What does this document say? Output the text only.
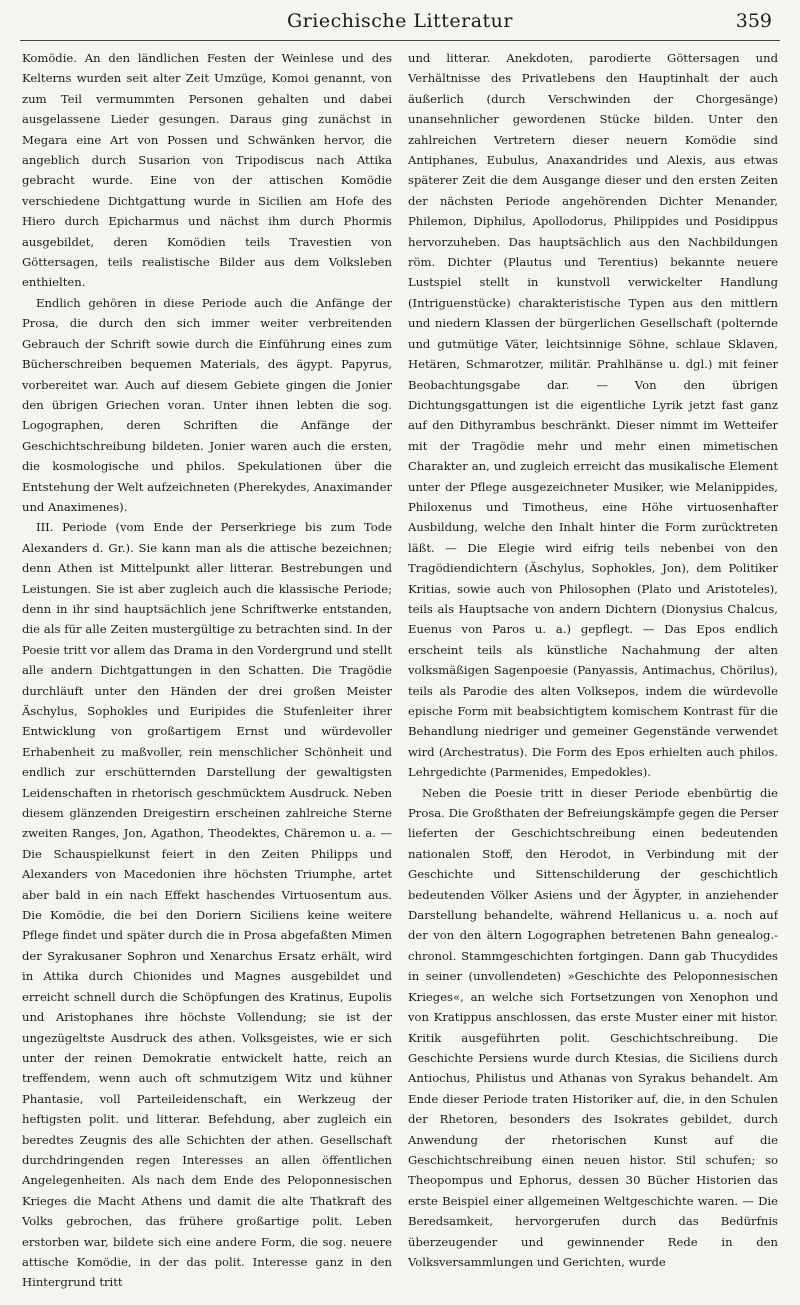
Griechische Litteratur	359

Komödie. An den ländlichen Festen der Weinlese und des Kelterns wurden seit alter Zeit Umzüge, Komoi genannt, von zum Teil vermummten Personen gehalten und dabei ausgelassene Lieder gesungen. Daraus ging zunächst in Megara eine Art von Possen und Schwänken hervor, die angeblich durch Susarion von Tripodiscus nach Attika gebracht wurde. Eine von der attischen Komödie verschiedene Dichtgattung wurde in Sicilien am Hofe des Hiero durch Epicharmus und nächst ihm durch Phormis ausgebildet, deren Komödien teils Travestien von Göttersagen, teils realistische Bilder aus dem Volksleben enthielten.

Endlich gehören in diese Periode auch die Anfänge der Prosa, die durch den sich immer weiter verbreitenden Gebrauch der Schrift sowie durch die Einführung eines zum Bücherschreiben bequemen Materials, des ägypt. Papyrus, vorbereitet war. Auch auf diesem Gebiete gingen die Jonier den übrigen Griechen voran. Unter ihnen lebten die sog. Logographen, deren Schriften die Anfänge der Geschichtschreibung bildeten. Jonier waren auch die ersten, die kosmologische und philos. Spekulationen über die Entstehung der Welt aufzeichneten (Pherekydes, Anaximander und Anaximenes).

III. Periode (vom Ende der Perserkriege bis zum Tode Alexanders d. Gr.). Sie kann man als die attische bezeichnen; denn Athen ist Mittelpunkt aller litterar. Bestrebungen und Leistungen. Sie ist aber zugleich auch die klassische Periode; denn in ihr sind hauptsächlich jene Schriftwerke entstanden, die als für alle Zeiten mustergültige zu betrachten sind. In der Poesie tritt vor allem das Drama in den Vordergrund und stellt alle andern Dichtgattungen in den Schatten. Die Tragödie durchläuft unter den Händen der drei großen Meister Äschylus, Sophokles und Euripides die Stufenleiter ihrer Entwicklung von großartigem Ernst und würdevoller Erhabenheit zu maßvoller, rein menschlicher Schönheit und endlich zur erschütternden Darstellung der gewaltigsten Leidenschaften in rhetorisch geschmücktem Ausdruck. Neben diesem glänzenden Dreigestirn erscheinen zahlreiche Sterne zweiten Ranges, Jon, Agathon, Theodektes, Chäremon u. a. — Die Schauspielkunst feiert in den Zeiten Philipps und Alexanders von Macedonien ihre höchsten Triumphe, artet aber bald in ein nach Effekt haschendes Virtuosentum aus. Die Komödie, die bei den Doriern Siciliens keine weitere Pflege findet und später durch die in Prosa abgefaßten Mimen der Syrakusaner Sophron und Xenarchus Ersatz erhält, wird in Attika durch Chionides und Magnes ausgebildet und erreicht schnell durch die Schöpfungen des Kratinus, Eupolis und Aristophanes ihre höchste Vollendung; sie ist der ungezügeltste Ausdruck des athen. Volksgeistes, wie er sich unter der reinen Demokratie entwickelt hatte, reich an treffendem, wenn auch oft schmutzigem Witz und kühner Phantasie, voll Parteileidenschaft, ein Werkzeug der heftigsten polit. und litterar. Befehdung, aber zugleich ein beredtes Zeugnis des alle Schichten der athen. Gesellschaft durchdringenden regen Interesses an allen öffentlichen Angelegenheiten. Als nach dem Ende des Peloponnesischen Krieges die Macht Athens und damit die alte Thatkraft des Volks gebrochen, das frühere großartige polit. Leben erstorben war, bildete sich eine andere Form, die sog. neuere attische Komödie, in der das polit. Interesse ganz in den Hintergrund tritt

und litterar. Anekdoten, parodierte Göttersagen und Verhältnisse des Privatlebens den Hauptinhalt der auch äußerlich (durch Verschwinden der Chorgesänge) unansehnlicher gewordenen Stücke bilden. Unter den zahlreichen Vertretern dieser neuern Komödie sind Antiphanes, Eubulus, Anaxandrides und Alexis, aus etwas späterer Zeit die dem Ausgange dieser und den ersten Zeiten der nächsten Periode angehörenden Dichter Menander, Philemon, Diphilus, Apollodorus, Philippides und Posidippus hervorzuheben. Das hauptsächlich aus den Nachbildungen röm. Dichter (Plautus und Terentius) bekannte neuere Lustspiel stellt in kunstvoll verwickelter Handlung (Intriguenstücke) charakteristische Typen aus den mittlern und niedern Klassen der bürgerlichen Gesellschaft (polternde und gutmütige Väter, leichtsinnige Söhne, schlaue Sklaven, Hetären, Schmarotzer, militär. Prahlhänse u. dgl.) mit feiner Beobachtungsgabe dar. — Von den übrigen Dichtungsgattungen ist die eigentliche Lyrik jetzt fast ganz auf den Dithyrambus beschränkt. Dieser nimmt im Wetteifer mit der Tragödie mehr und mehr einen mimetischen Charakter an, und zugleich erreicht das musikalische Element unter der Pflege ausgezeichneter Musiker, wie Melanippides, Philoxenus und Timotheus, eine Höhe virtuosenhafter Ausbildung, welche den Inhalt hinter die Form zurücktreten läßt. — Die Elegie wird eifrig teils nebenbei von den Tragödiendichtern (Äschylus, Sophokles, Jon), dem Politiker Kritias, sowie auch von Philosophen (Plato und Aristoteles), teils als Hauptsache von andern Dichtern (Dionysius Chalcus, Euenus von Paros u. a.) gepflegt. — Das Epos endlich erscheint teils als künstliche Nachahmung der alten volksmäßigen Sagenpoesie (Panyassis, Antimachus, Chörilus), teils als Parodie des alten Volksepos, indem die würdevolle epische Form mit beabsichtigtem komischem Kontrast für die Behandlung niedriger und gemeiner Gegenstände verwendet wird (Archestratus). Die Form des Epos erhielten auch philos. Lehrgedichte (Parmenides, Empedokles).

Neben die Poesie tritt in dieser Periode ebenbürtig die Prosa. Die Großthaten der Befreiungskämpfe gegen die Perser lieferten der Geschichtschreibung einen bedeutenden nationalen Stoff, den Herodot, in Verbindung mit der Geschichte und Sittenschilderung der geschichtlich bedeutenden Völker Asiens und der Ägypter, in anziehender Darstellung behandelte, während Hellanicus u. a. noch auf der von den ältern Logographen betretenen Bahn genealog.-chronol. Stammgeschichten fortgingen. Dann gab Thucydides in seiner (unvollendeten) »Geschichte des Peloponnesischen Krieges«, an welche sich Fortsetzungen von Xenophon und von Kratippus anschlossen, das erste Muster einer mit histor. Kritik ausgeführten polit. Geschichtschreibung. Die Geschichte Persiens wurde durch Ktesias, die Siciliens durch Antiochus, Philistus und Athanas von Syrakus behandelt. Am Ende dieser Periode traten Historiker auf, die, in den Schulen der Rhetoren, besonders des Isokrates gebildet, durch Anwendung der rhetorischen Kunst auf die Geschichtschreibung einen neuen histor. Stil schufen; so Theopompus und Ephorus, dessen 30 Bücher Historien das erste Beispiel einer allgemeinen Weltgeschichte waren. — Die Beredsamkeit, hervorgerufen durch das Bedürfnis überzeugender und gewinnender Rede in den Volksversammlungen und Gerichten, wurde
